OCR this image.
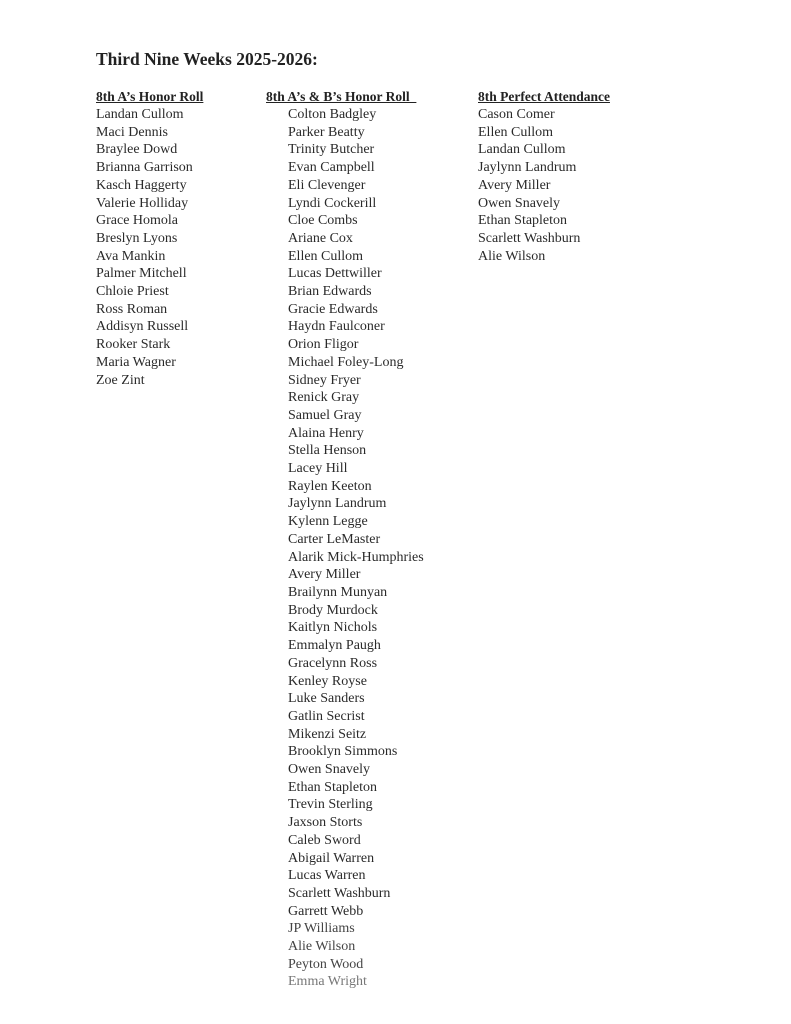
Third Nine Weeks 2025-2026:
8th A’s Honor Roll
Landan Cullom
Maci Dennis
Braylee Dowd
Brianna Garrison
Kasch Haggerty
Valerie Holliday
Grace Homola
Breslyn Lyons
Ava Mankin
Palmer Mitchell
Chloie Priest
Ross Roman
Addisyn Russell
Rooker Stark
Maria Wagner
Zoe Zint
8th A’s & B’s Honor Roll
Colton Badgley
Parker Beatty
Trinity Butcher
Evan Campbell
Eli Clevenger
Lyndi Cockerill
Cloe Combs
Ariane Cox
Ellen Cullom
Lucas Dettwiller
Brian Edwards
Gracie Edwards
Haydn Faulconer
Orion Fligor
Michael Foley-Long
Sidney Fryer
Renick Gray
Samuel Gray
Alaina Henry
Stella Henson
Lacey Hill
Raylen Keeton
Jaylynn Landrum
Kylenn Legge
Carter LeMaster
Alarik Mick-Humphries
Avery Miller
Brailynn Munyan
Brody Murdock
Kaitlyn Nichols
Emmalyn Paugh
Gracelynn Ross
Kenley Royse
Luke Sanders
Gatlin Secrist
Mikenzi Seitz
Brooklyn Simmons
Owen Snavely
Ethan Stapleton
Trevin Sterling
Jaxson Storts
Caleb Sword
Abigail Warren
Lucas Warren
Scarlett Washburn
Garrett Webb
JP Williams
Alie Wilson
Peyton Wood
Emma Wright
8th Perfect Attendance
Cason Comer
Ellen Cullom
Landan Cullom
Jaylynn Landrum
Avery Miller
Owen Snavely
Ethan Stapleton
Scarlett Washburn
Alie Wilson
